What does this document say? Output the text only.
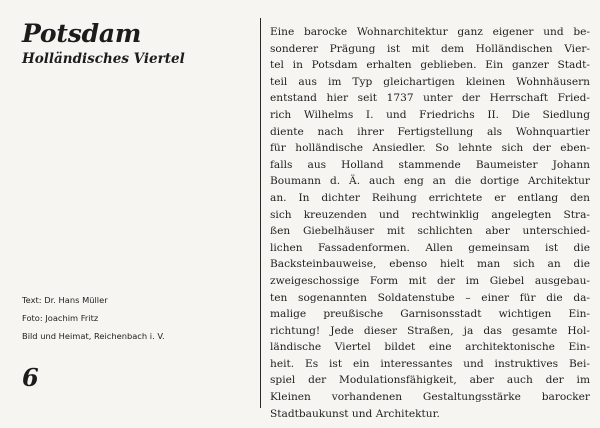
Potsdam
Holländisches Viertel
Text: Dr. Hans Müller
Foto: Joachim Fritz
Bild und Heimat, Reichenbach i. V.
6
Eine barocke Wohnarchitektur ganz eigener und be-
sonderer Prägung ist mit dem Holländischen Vier-
tel in Potsdam erhalten geblieben. Ein ganzer Stadt-
teil aus im Typ gleichartigen kleinen Wohnhäusern
entstand hier seit 1737 unter der Herrschaft Fried-
rich Wilhelms I. und Friedrichs II. Die Siedlung
diente nach ihrer Fertigstellung als Wohnquartier
für holländische Ansiedler. So lehnte sich der eben-
falls aus Holland stammende Baumeister Johann
Boumann d. Ä. auch eng an die dortige Architektur
an. In dichter Reihung errichtete er entlang den
sich kreuzenden und rechtwinklig angelegten Stra-
ßen Giebelhäuser mit schlichten aber unterschied-
lichen Fassadenformen. Allen gemeinsam ist die
Backsteinbauweise, ebenso hielt man sich an die
zweigeschossige Form mit der im Giebel ausgebau-
ten sogenannten Soldatenstube – einer für die da-
malige preußische Garnisonsstadt wichtigen Ein-
richtung! Jede dieser Straßen, ja das gesamte Hol-
ländische Viertel bildet eine architektonische Ein-
heit. Es ist ein interessantes und instruktives Bei-
spiel der Modulationsfähigkeit, aber auch der im
Kleinen vorhandenen Gestaltungsstärke barocker
Stadtbaukunst und Architektur.
